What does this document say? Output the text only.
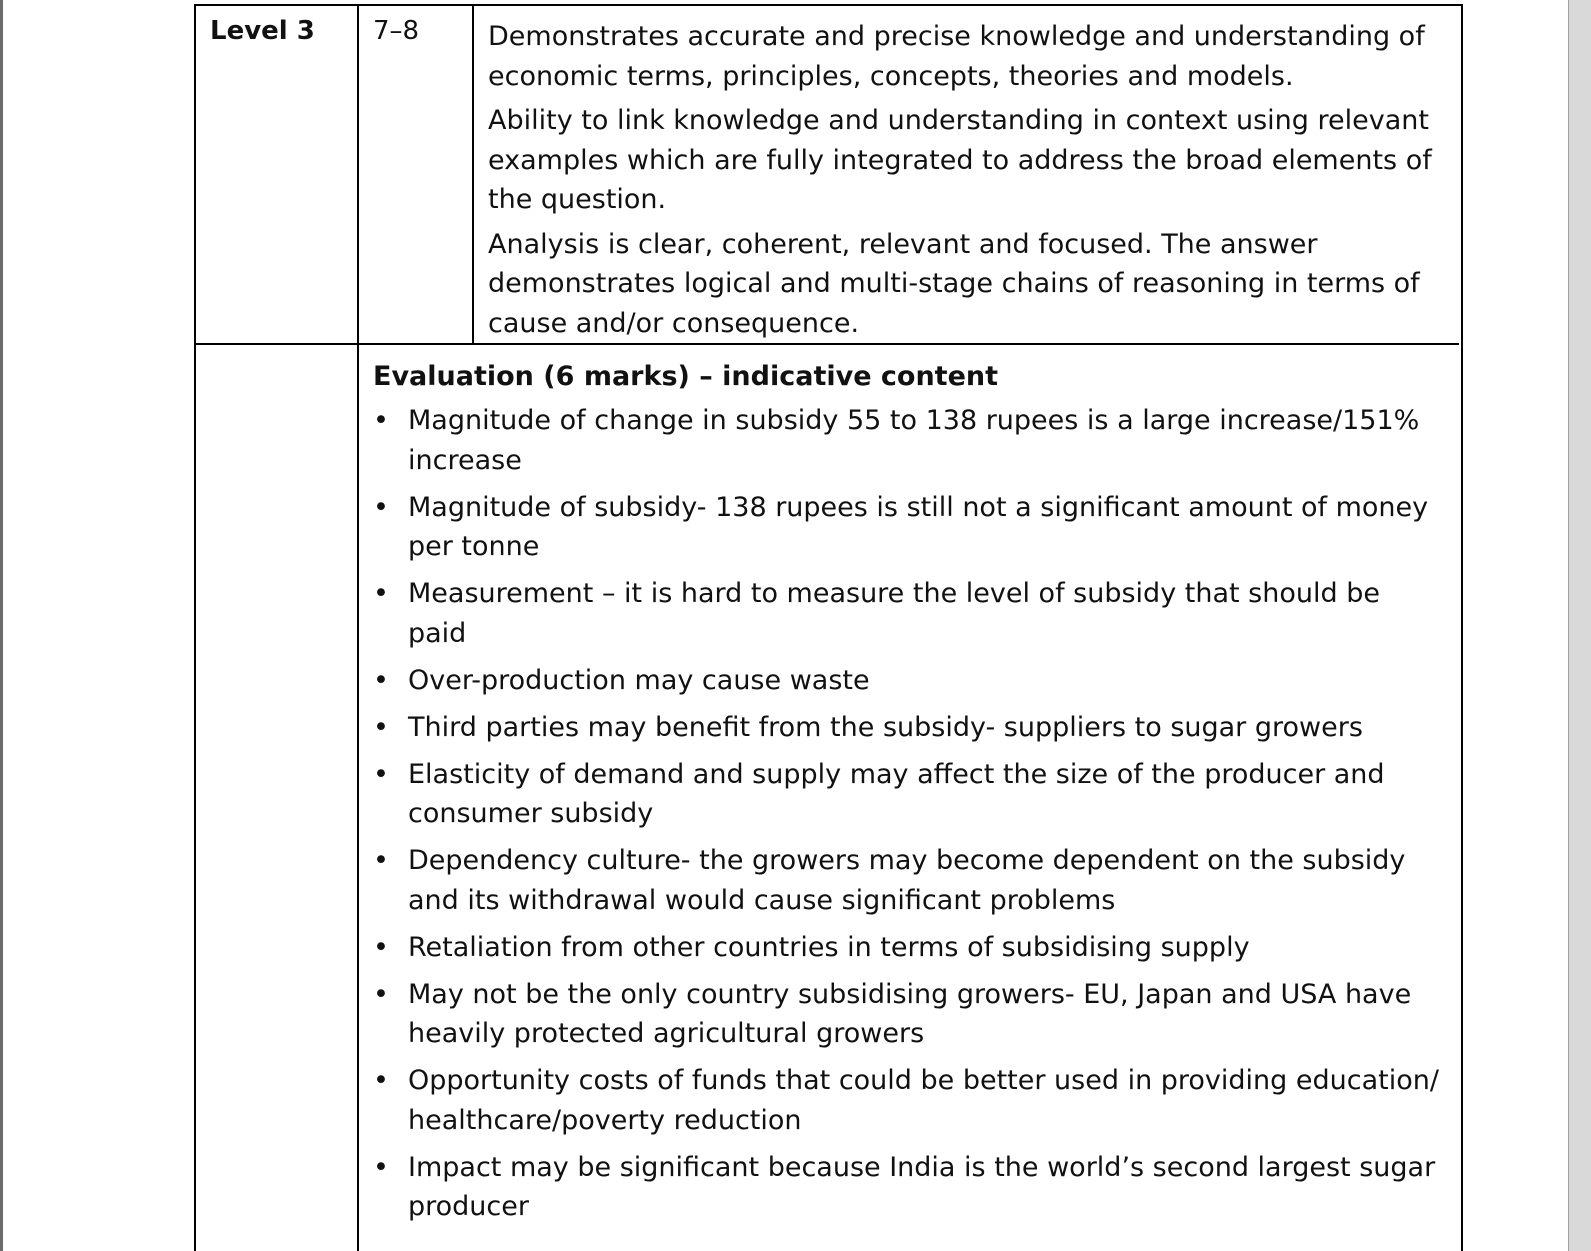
Level 3	7–8	Demonstrates accurate and precise knowledge and understanding of economic terms, principles, concepts, theories and models.

Ability to link knowledge and understanding in context using relevant examples which are fully integrated to address the broad elements of the question.

Analysis is clear, coherent, relevant and focused. The answer demonstrates logical and multi-stage chains of reasoning in terms of cause and/or consequence.

Evaluation (6 marks) – indicative content
• Magnitude of change in subsidy 55 to 138 rupees is a large increase/151% increase
• Magnitude of subsidy- 138 rupees is still not a significant amount of money per tonne
• Measurement – it is hard to measure the level of subsidy that should be paid
• Over-production may cause waste
• Third parties may benefit from the subsidy- suppliers to sugar growers
• Elasticity of demand and supply may affect the size of the producer and consumer subsidy
• Dependency culture- the growers may become dependent on the subsidy and its withdrawal would cause significant problems
• Retaliation from other countries in terms of subsidising supply
• May not be the only country subsidising growers- EU, Japan and USA have heavily protected agricultural growers
• Opportunity costs of funds that could be better used in providing education/ healthcare/poverty reduction
• Impact may be significant because India is the world’s second largest sugar producer
